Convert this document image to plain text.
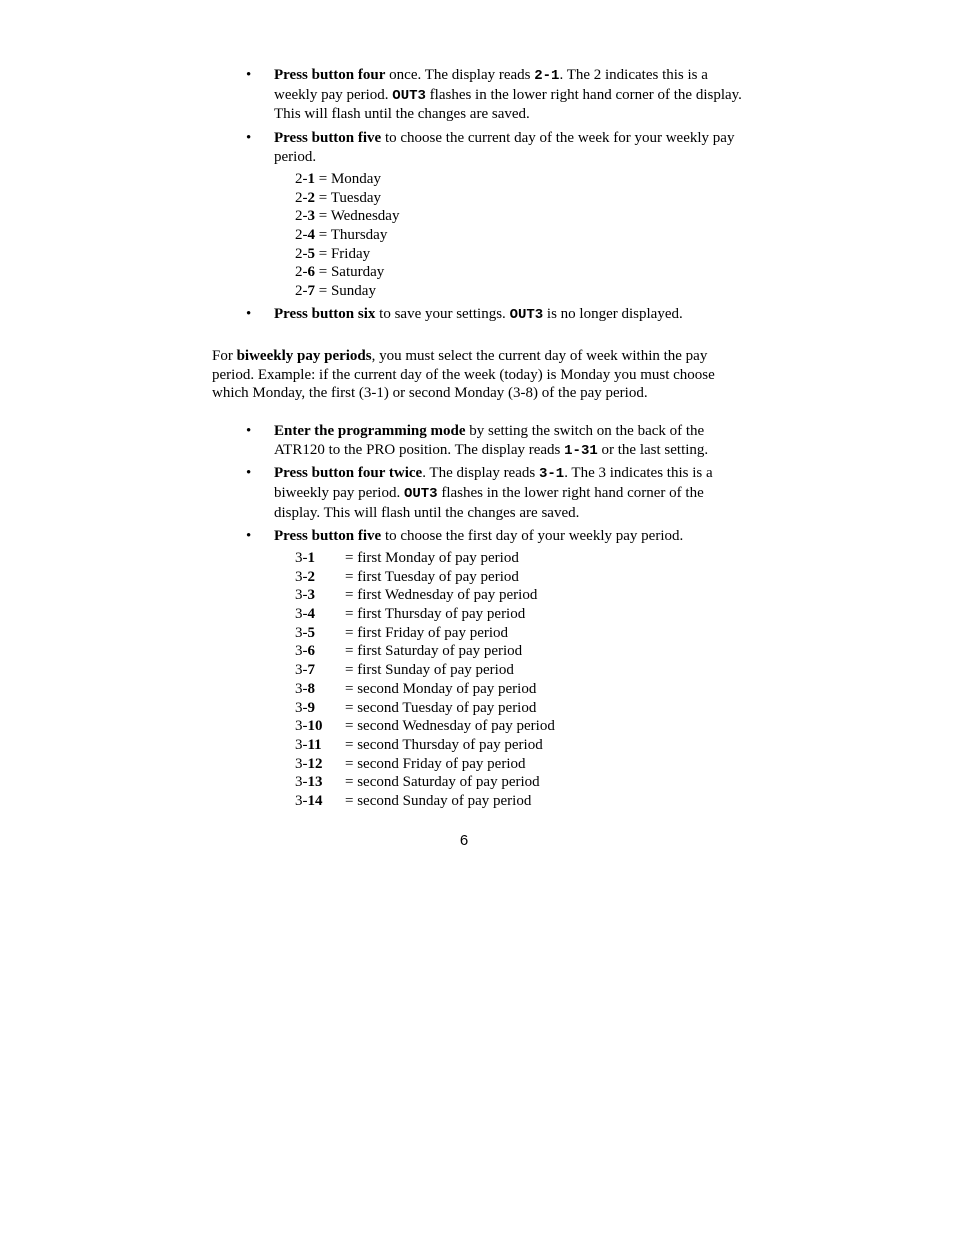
• Press button four once. The display reads 2-1. The 2 indicates this is a weekly pay period. OUT3 flashes in the lower right hand corner of the display. This will flash until the changes are saved.
• Press button five to choose the current day of the week for your weekly pay period.
2-1 = Monday
2-2 = Tuesday
2-3 = Wednesday
2-4 = Thursday
2-5 = Friday
2-6 = Saturday
2-7 = Sunday
• Press button six to save your settings. OUT3 is no longer displayed.
For biweekly pay periods, you must select the current day of week within the pay period. Example: if the current day of the week (today) is Monday you must choose which Monday, the first (3-1) or second Monday (3-8) of the pay period.
• Enter the programming mode by setting the switch on the back of the ATR120 to the PRO position. The display reads 1-31 or the last setting.
• Press button four twice. The display reads 3-1. The 3 indicates this is a biweekly pay period. OUT3 flashes in the lower right hand corner of the display. This will flash until the changes are saved.
• Press button five to choose the first day of your weekly pay period.
3-1 = first Monday of pay period
3-2 = first Tuesday of pay period
3-3 = first Wednesday of pay period
3-4 = first Thursday of pay period
3-5 = first Friday of pay period
3-6 = first Saturday of pay period
3-7 = first Sunday of pay period
3-8 = second Monday of pay period
3-9 = second Tuesday of pay period
3-10 = second Wednesday of pay period
3-11 = second Thursday of pay period
3-12 = second Friday of pay period
3-13 = second Saturday of pay period
3-14 = second Sunday of pay period
6
